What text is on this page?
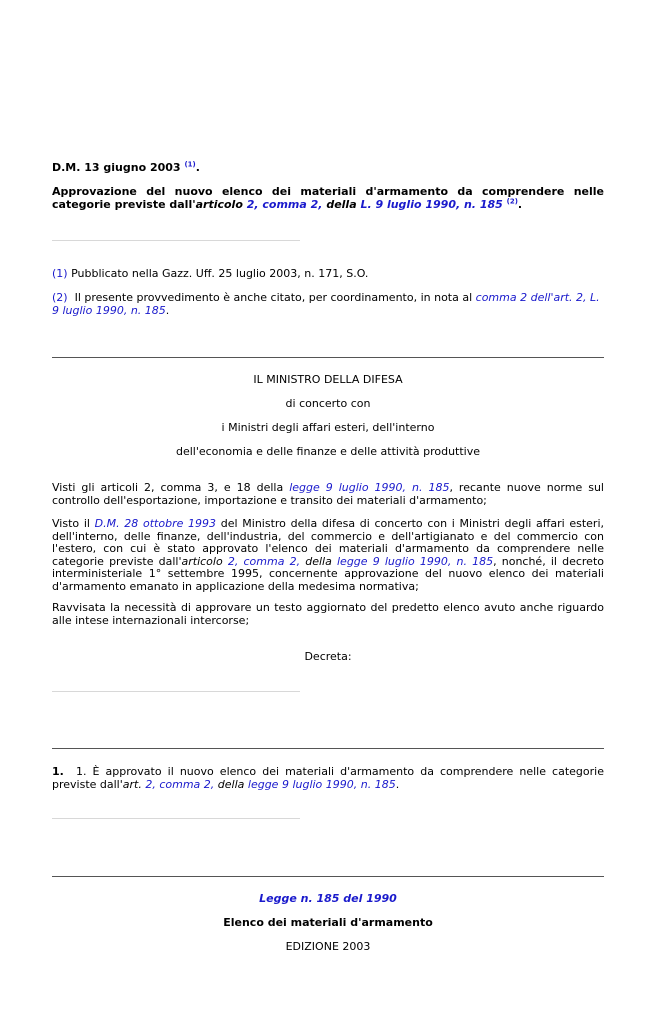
D.M. 13 giugno 2003 $^{(1)}$.
Approvazione del nuovo elenco dei materiali d'armamento da comprendere nelle categorie previste dall'articolo 2, comma 2, della L. 9 luglio 1990, n. 185 $^{(2)}$.
(1) Pubblicato nella Gazz. Uff. 25 luglio 2003, n. 171, S.O.
(2)  Il presente provvedimento è anche citato, per coordinamento, in nota al comma 2 dell'art. 2, L. 9 luglio 1990, n. 185.
IL MINISTRO DELLA DIFESA
di concerto con
i Ministri degli affari esteri, dell'interno
dell'economia e delle finanze e delle attività produttive
Visti gli articoli 2, comma 3, e 18 della legge 9 luglio 1990, n. 185, recante nuove norme sul controllo dell'esportazione, importazione e transito dei materiali d'armamento;
Visto il D.M. 28 ottobre 1993 del Ministro della difesa di concerto con i Ministri degli affari esteri, dell'interno, delle finanze, dell'industria, del commercio e dell'artigianato e del commercio con l'estero, con cui è stato approvato l'elenco dei materiali d'armamento da comprendere nelle categorie previste dall'articolo 2, comma 2, della legge 9 luglio 1990, n. 185, nonché, il decreto interministeriale 1° settembre 1995, concernente approvazione del nuovo elenco dei materiali d'armamento emanato in applicazione della medesima normativa;
Ravvisata la necessità di approvare un testo aggiornato del predetto elenco avuto anche riguardo alle intese internazionali intercorse;
Decreta:
1.  1. È approvato il nuovo elenco dei materiali d'armamento da comprendere nelle categorie previste dall'art. 2, comma 2, della legge 9 luglio 1990, n. 185.
Legge n. 185 del 1990
Elenco dei materiali d'armamento
EDIZIONE 2003
